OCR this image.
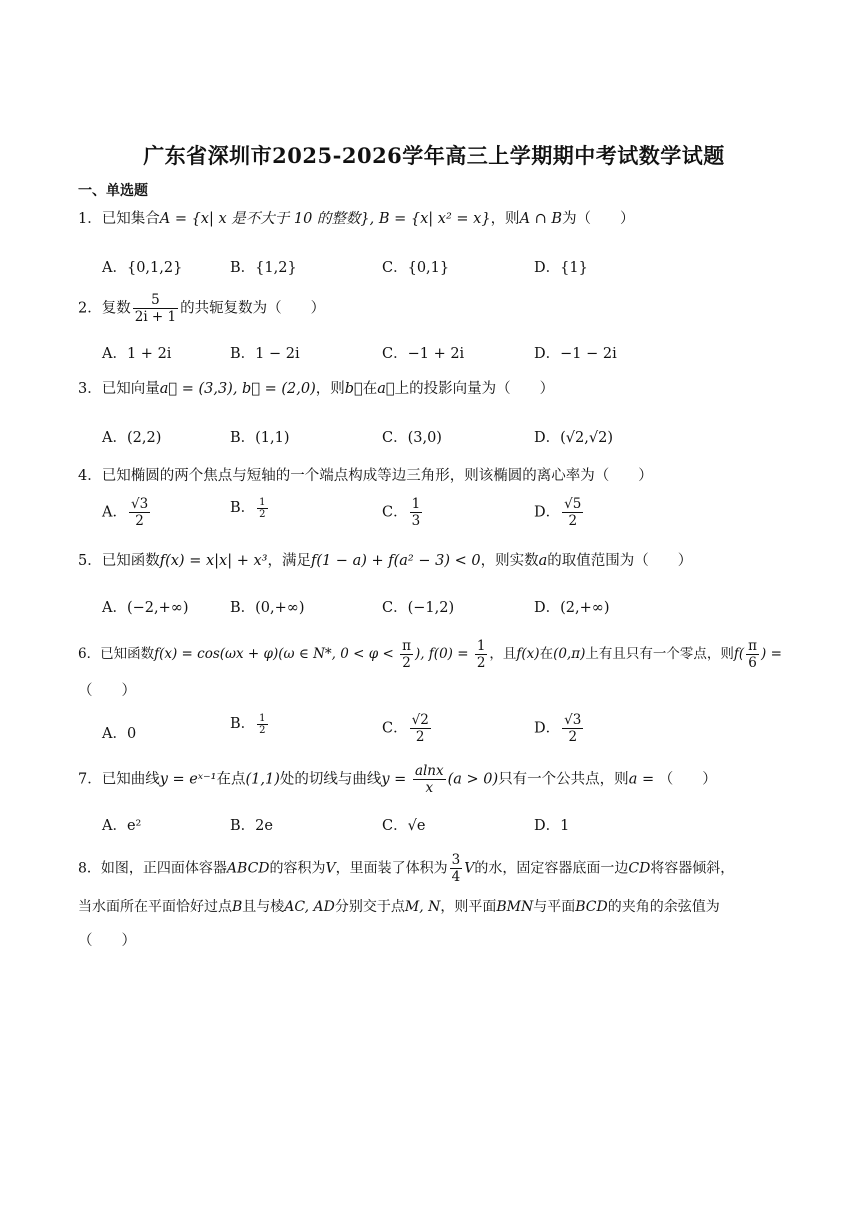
广东省深圳市2025-2026学年高三上学期期中考试数学试题
一、单选题
1．已知集合A = {x| x 是不大于 10 的整数}, B = {x| x² = x}，则A ∩ B为（　　）
A．{0,1,2}	B．{1,2}	C．{0,1}	D．{1}
2．复数 $\frac{5}{2i + 1}$ 的共轭复数为（　　）
A．1 + 2i	B．1 − 2i	C．−1 + 2i	D．−1 − 2i
3．已知向量a⃗ = (3,3), b⃗ = (2,0)，则b⃗在a⃗上的投影向量为（　　）
A．(2,2)	B．(1,1)	C．(3,0)	D．(√2,√2)
4．已知椭圆的两个焦点与短轴的一个端点构成等边三角形，则该椭圆的离心率为（　　）
A． $\frac{√3}{2}$	B． $\frac{1}{2}$	C． $\frac{1}{3}$	D． $\frac{√5}{2}$
5．已知函数f(x) = x|x| + x³，满足f(1 − a) + f(a² − 3) < 0，则实数a的取值范围为（　　）
A．(−2,+∞)	B．(0,+∞)	C．(−1,2)	D．(2,+∞)
6．已知函数f(x) = cos(ωx + φ)(ω ∈ N*, $0 < \varphi < \frac{\pi}{2}$ ), $f(0) = \frac{1}{2}$ ，且f(x)在(0,π)上有且只有一个零点，则$f( \frac{\pi}{6}$ ) =
（　　）
A．0
B． $\frac{1}{2}$	C． $\frac{√2}{2}$	D． $\frac{√3}{2}$
7．已知曲线y = eˣ⁻¹在点(1,1)处的切线与曲线$y = \frac{alnx}{x} (a > 0)$只有一个公共点，则a = （　　）
A．e²	B．2e	C．√e	D．1
8．如图，正四面体容器ABCD的容积为V，里面装了体积为 $\frac{3}{4}$ V的水，固定容器底面一边CD将容器倾斜，
当水面所在平面恰好过点B且与棱AC, AD分别交于点M, N，则平面BMN与平面BCD的夹角的余弦值为
（　　）
